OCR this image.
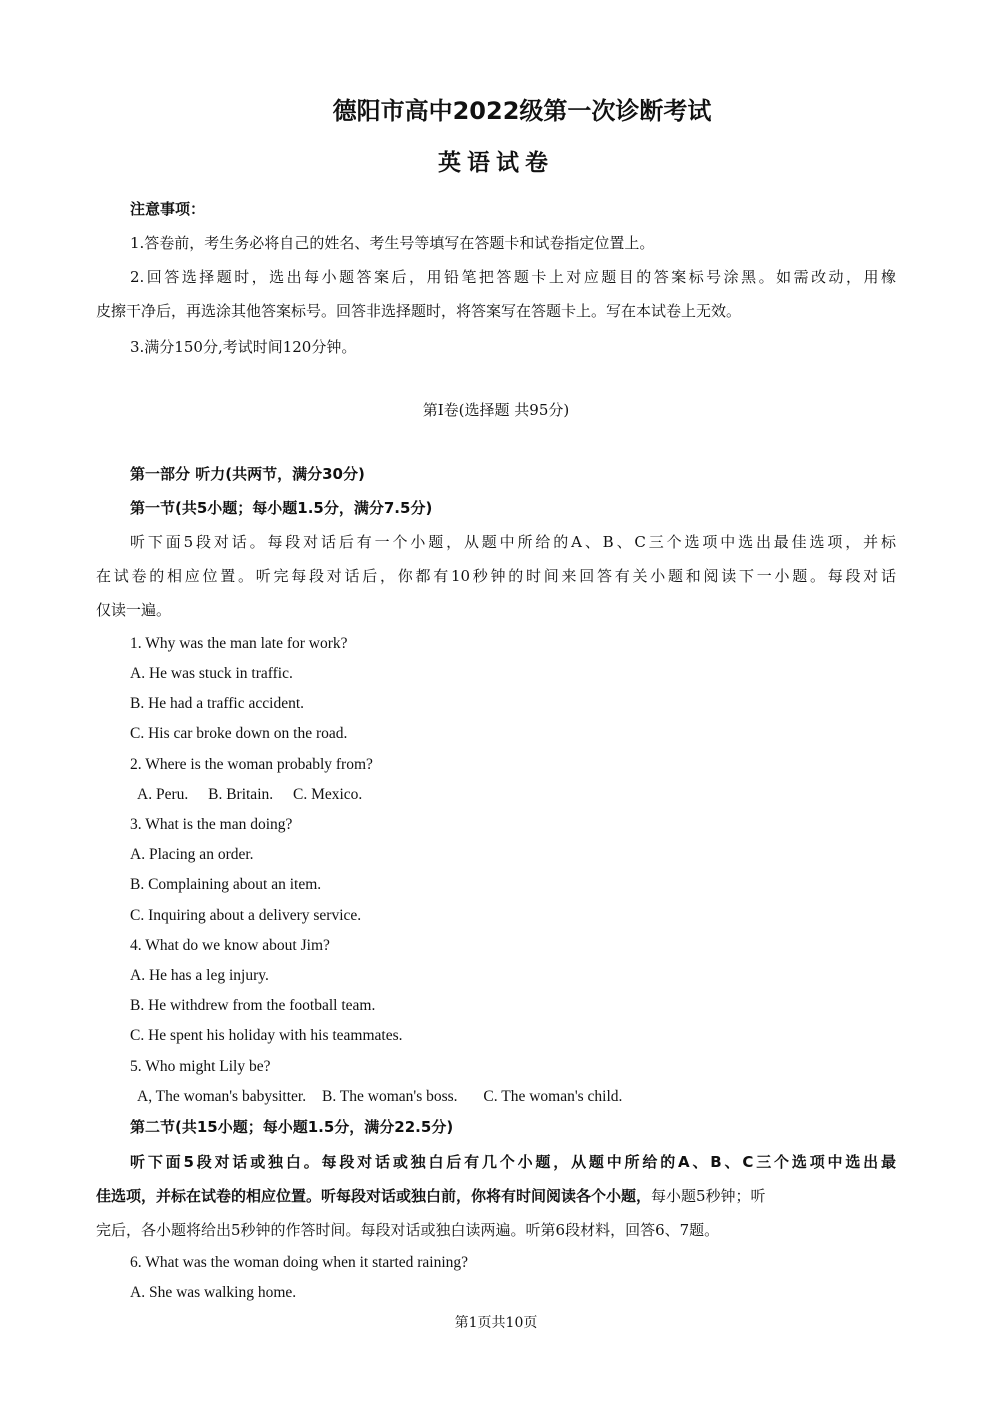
德阳市高中2022级第一次诊断考试
英语试卷
注意事项：
1.答卷前，考生务必将自己的姓名、考生号等填写在答题卡和试卷指定位置上。
2.回答选择题时，选出每小题答案后，用铅笔把答题卡上对应题目的答案标号涂黑。如需改动，用橡
皮擦干净后，再选涂其他答案标号。回答非选择题时，将答案写在答题卡上。写在本试卷上无效。
3.满分150分,考试时间120分钟。
第I卷(选择题 共95分)
第一部分 听力(共两节，满分30分)
第一节(共5小题；每小题1.5分，满分7.5分)
听下面5段对话。每段对话后有一个小题，从题中所给的A、B、C三个选项中选出最佳选项，并标
在试卷的相应位置。听完每段对话后，你都有10秒钟的时间来回答有关小题和阅读下一小题。每段对话
仅读一遍。
1. Why was the man late for work?
A. He was stuck in traffic.
B. He had a traffic accident.
C. His car broke down on the road.
2. Where is the woman probably from?
A. Peru. B. Britain. C. Mexico.
3. What is the man doing?
A. Placing an order.
B. Complaining about an item.
C. Inquiring about a delivery service.
4. What do we know about Jim?
A. He has a leg injury.
B. He withdrew from the football team.
C. He spent his holiday with his teammates.
5. Who might Lily be?
A, The woman's babysitter. B. The woman's boss. C. The woman's child.
第二节(共15小题；每小题1.5分，满分22.5分)
听下面5段对话或独白。每段对话或独白后有几个小题，从题中所给的A、B、C三个选项中选出最
佳选项，并标在试卷的相应位置。听每段对话或独白前，你将有时间阅读各个小题，每小题5秒钟；听
完后，各小题将给出5秒钟的作答时间。每段对话或独白读两遍。听第6段材料，回答6、7题。
6. What was the woman doing when it started raining?
A. She was walking home.
第1页共10页
